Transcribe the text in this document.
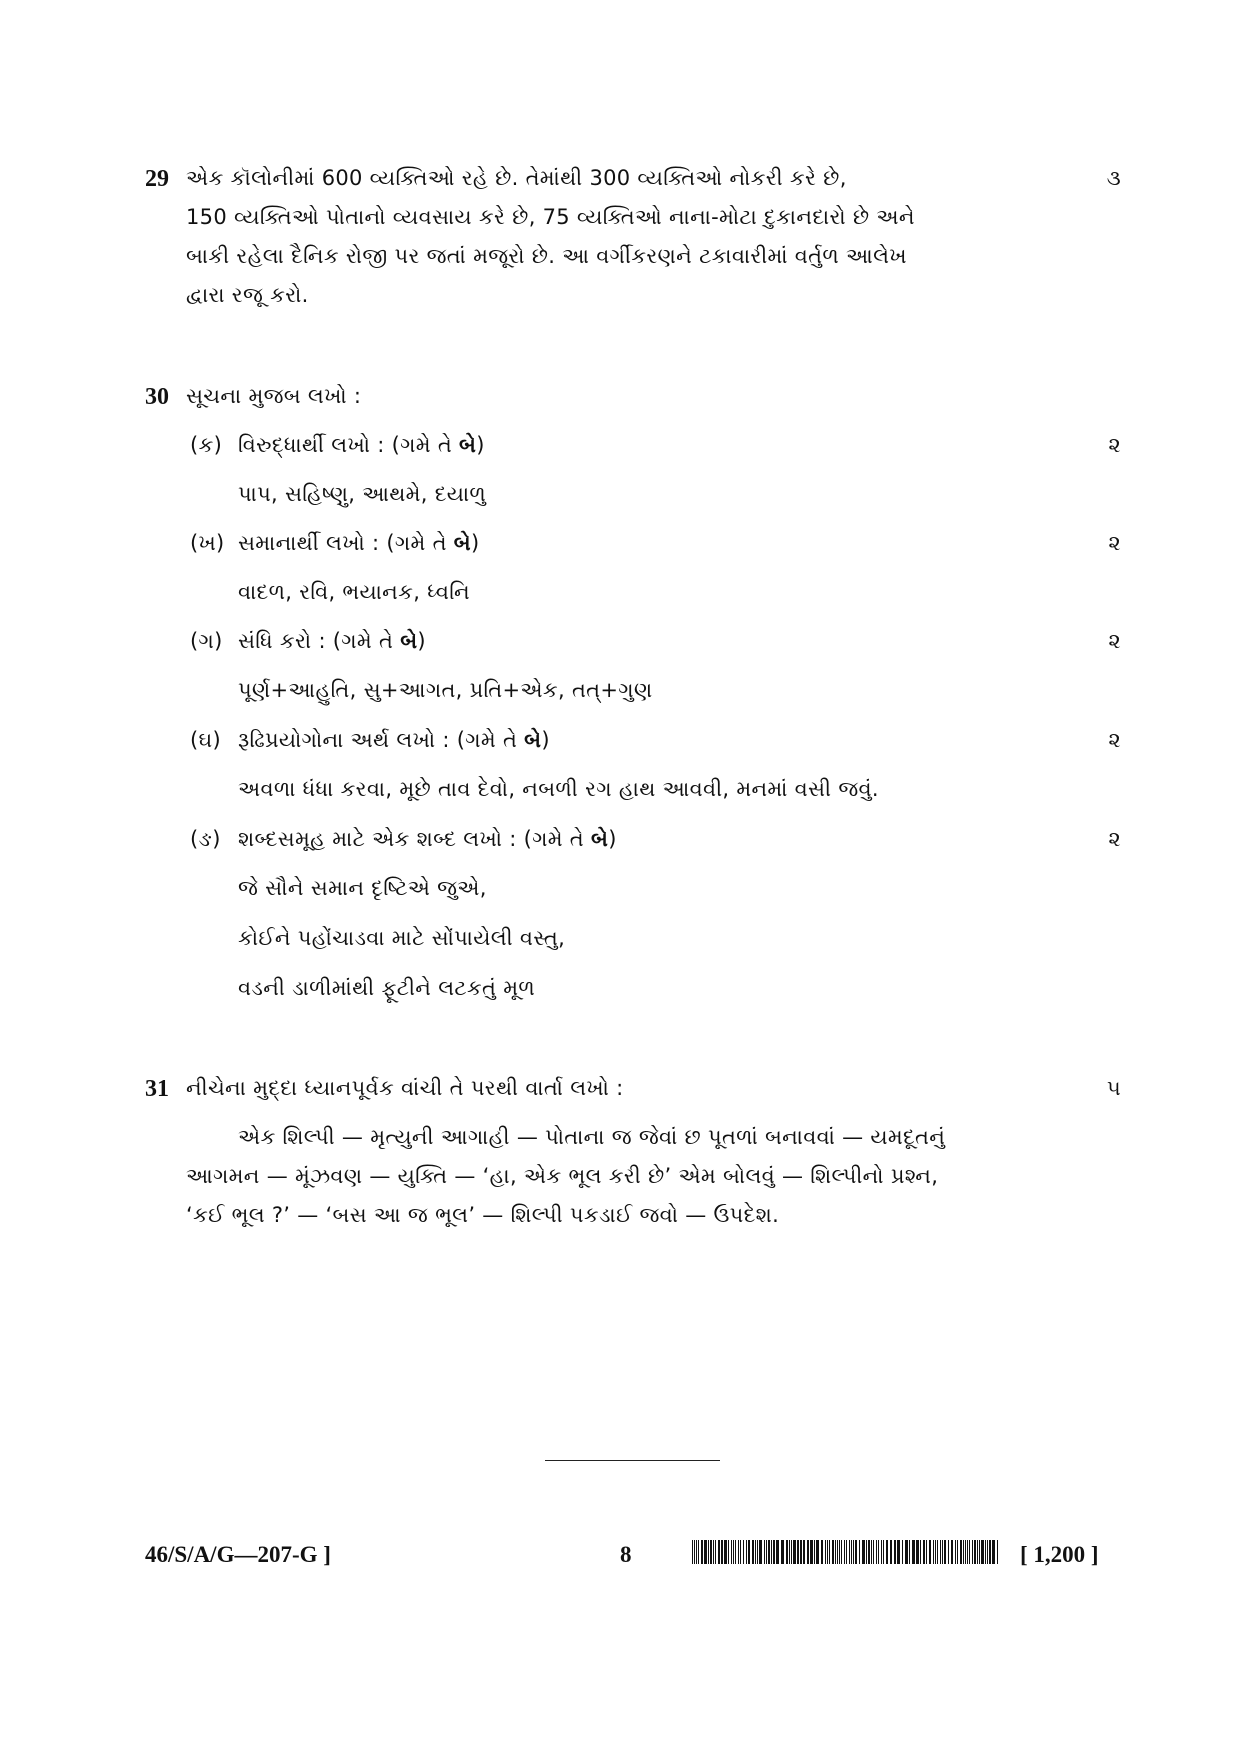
29 એક કૉલોનીમાં 600 વ્યક્તિઓ રહે છે. તેમાંથી 300 વ્યક્તિઓ નોકરી કરે છે,	૩
150 વ્યક્તિઓ પોતાનો વ્યવસાય કરે છે, 75 વ્યક્તિઓ નાના-મોટા દુકાનદારો છે અને
બાકી રહેલા દૈનિક રોજી પર જતાં મજૂરો છે. આ વર્ગીકરણને ટકાવારીમાં વર્તુળ આલેખ
દ્વારા રજૂ કરો.
30 સૂચના મુજબ લખો :
(ક) વિરુદ્ધાર્થી લખો : (ગમે તે બે)	૨
પાપ, સહિષ્ણુ, આથમે, દયાળુ
(ખ) સમાનાર્થી લખો : (ગમે તે બે)	૨
વાદળ, રવિ, ભયાનક, ધ્વનિ
(ગ) સંધિ કરો : (ગમે તે બે)	૨
પૂર્ણ+આહુતિ, સુ+આગત, પ્રતિ+એક, તત્‌+ગુણ
(ઘ) રૂઢિપ્રયોગોના અર્થ લખો : (ગમે તે બે)	૨
અવળા ધંધા કરવા, મૂછે તાવ દેવો, નબળી રગ હાથ આવવી, મનમાં વસી જવું.
(ઙ) શબ્દસમૂહ માટે એક શબ્દ લખો : (ગમે તે બે)	૨
જે સૌને સમાન દૃષ્ટિએ જુએ,
કોઈને પહોંચાડવા માટે સોંપાયેલી વસ્તુ,
વડની ડાળીમાંથી ફૂટીને લટકતું મૂળ
31 નીચેના મુદ્દા ધ્યાનપૂર્વક વાંચી તે પરથી વાર્તા લખો :	૫
એક શિલ્પી — મૃત્યુની આગાહી — પોતાના જ જેવાં છ પૂતળાં બનાવવાં — યમદૂતનું
આગમન — મૂંઝવણ — યુક્તિ — ‘હા, એક ભૂલ કરી છે’ એમ બોલવું — શિલ્પીનો પ્રશ્ન,
‘કઈ ભૂલ ?’ — ‘બસ આ જ ભૂલ’ — શિલ્પી પકડાઈ જવો — ઉપદેશ.
46/S/A/G—207-G ]	8	[ 1,200 ]
